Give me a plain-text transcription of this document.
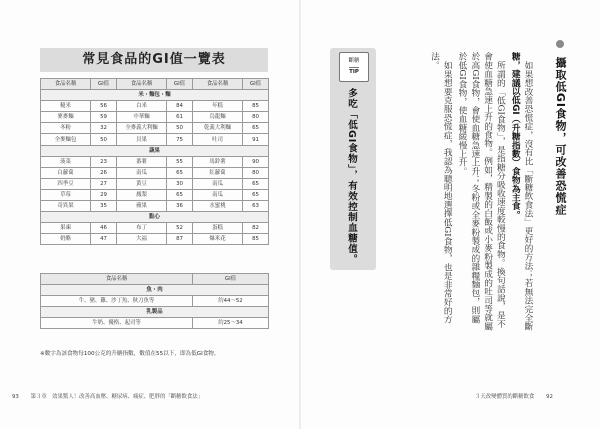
常見食品的GI值一覽表
食品名稱	GI值	食品名稱	GI值	食品名稱	GI值
米・麵包・麵					
糙米	56	白米	84	年糕	85
麥麥麵	59	中華麵	61	烏龍麵	80
冬粉	32	全麥義大利麵	50	乾義大利麵	65
全麥麵包	50	貝果	75	吐司	91
蔬果					
菠菜	23	番薯	55	馬鈴薯	90
白蘿蔔	26	南瓜	65	紅蘿蔔	80
四季豆	27	黃豆	30	南瓜	65
草莓	29	鳳梨	65	南瓜	65
奇異果	35	蘋果	36	水蜜桃	63
點心					
果凍	46	布丁	52	蛋糕	82
奶酪	47	大福	87	爆米花	85
食品名稱	GI值
魚・肉	
牛、豬、雞、沙丁魚、秋刀魚等	約44～52
乳製品	
牛奶、優格、起司等	約25～34
※數字為該食物每100公克的升糖指數，數值在55以下，即為低GI食物。
93 第３章　效果驚人！改善高血壓、糖尿病、痛症、肥胖的「斷糖飲食法」
攝取低GI食物，可改善恐慌症

如果想改善恐慌症，沒有比「斷糖飲食法」更好的方法；若無法完全斷糖，建議以低GI（升糖指數）食物為主食。

所謂的「低GI食物」，是指糖分吸收速度較慢的食物。換句話說，是不會使血糖急速上升的食物。例如，精製的白飯或小麥粉製成的吐司等就屬於高GI食物，會使血糖急速上升；冬粉或全麥粉製成的雜糧麵包，則屬於低GI食物，使血糖緩慢上升。

如果想要克服恐慌症，我認為聰明地選擇低GI食物，也是非常好的方法。

斷糖
TIP
多吃「低GI食物」，有效控制血糖值。
３天改變體質的斷糖飲食 92
